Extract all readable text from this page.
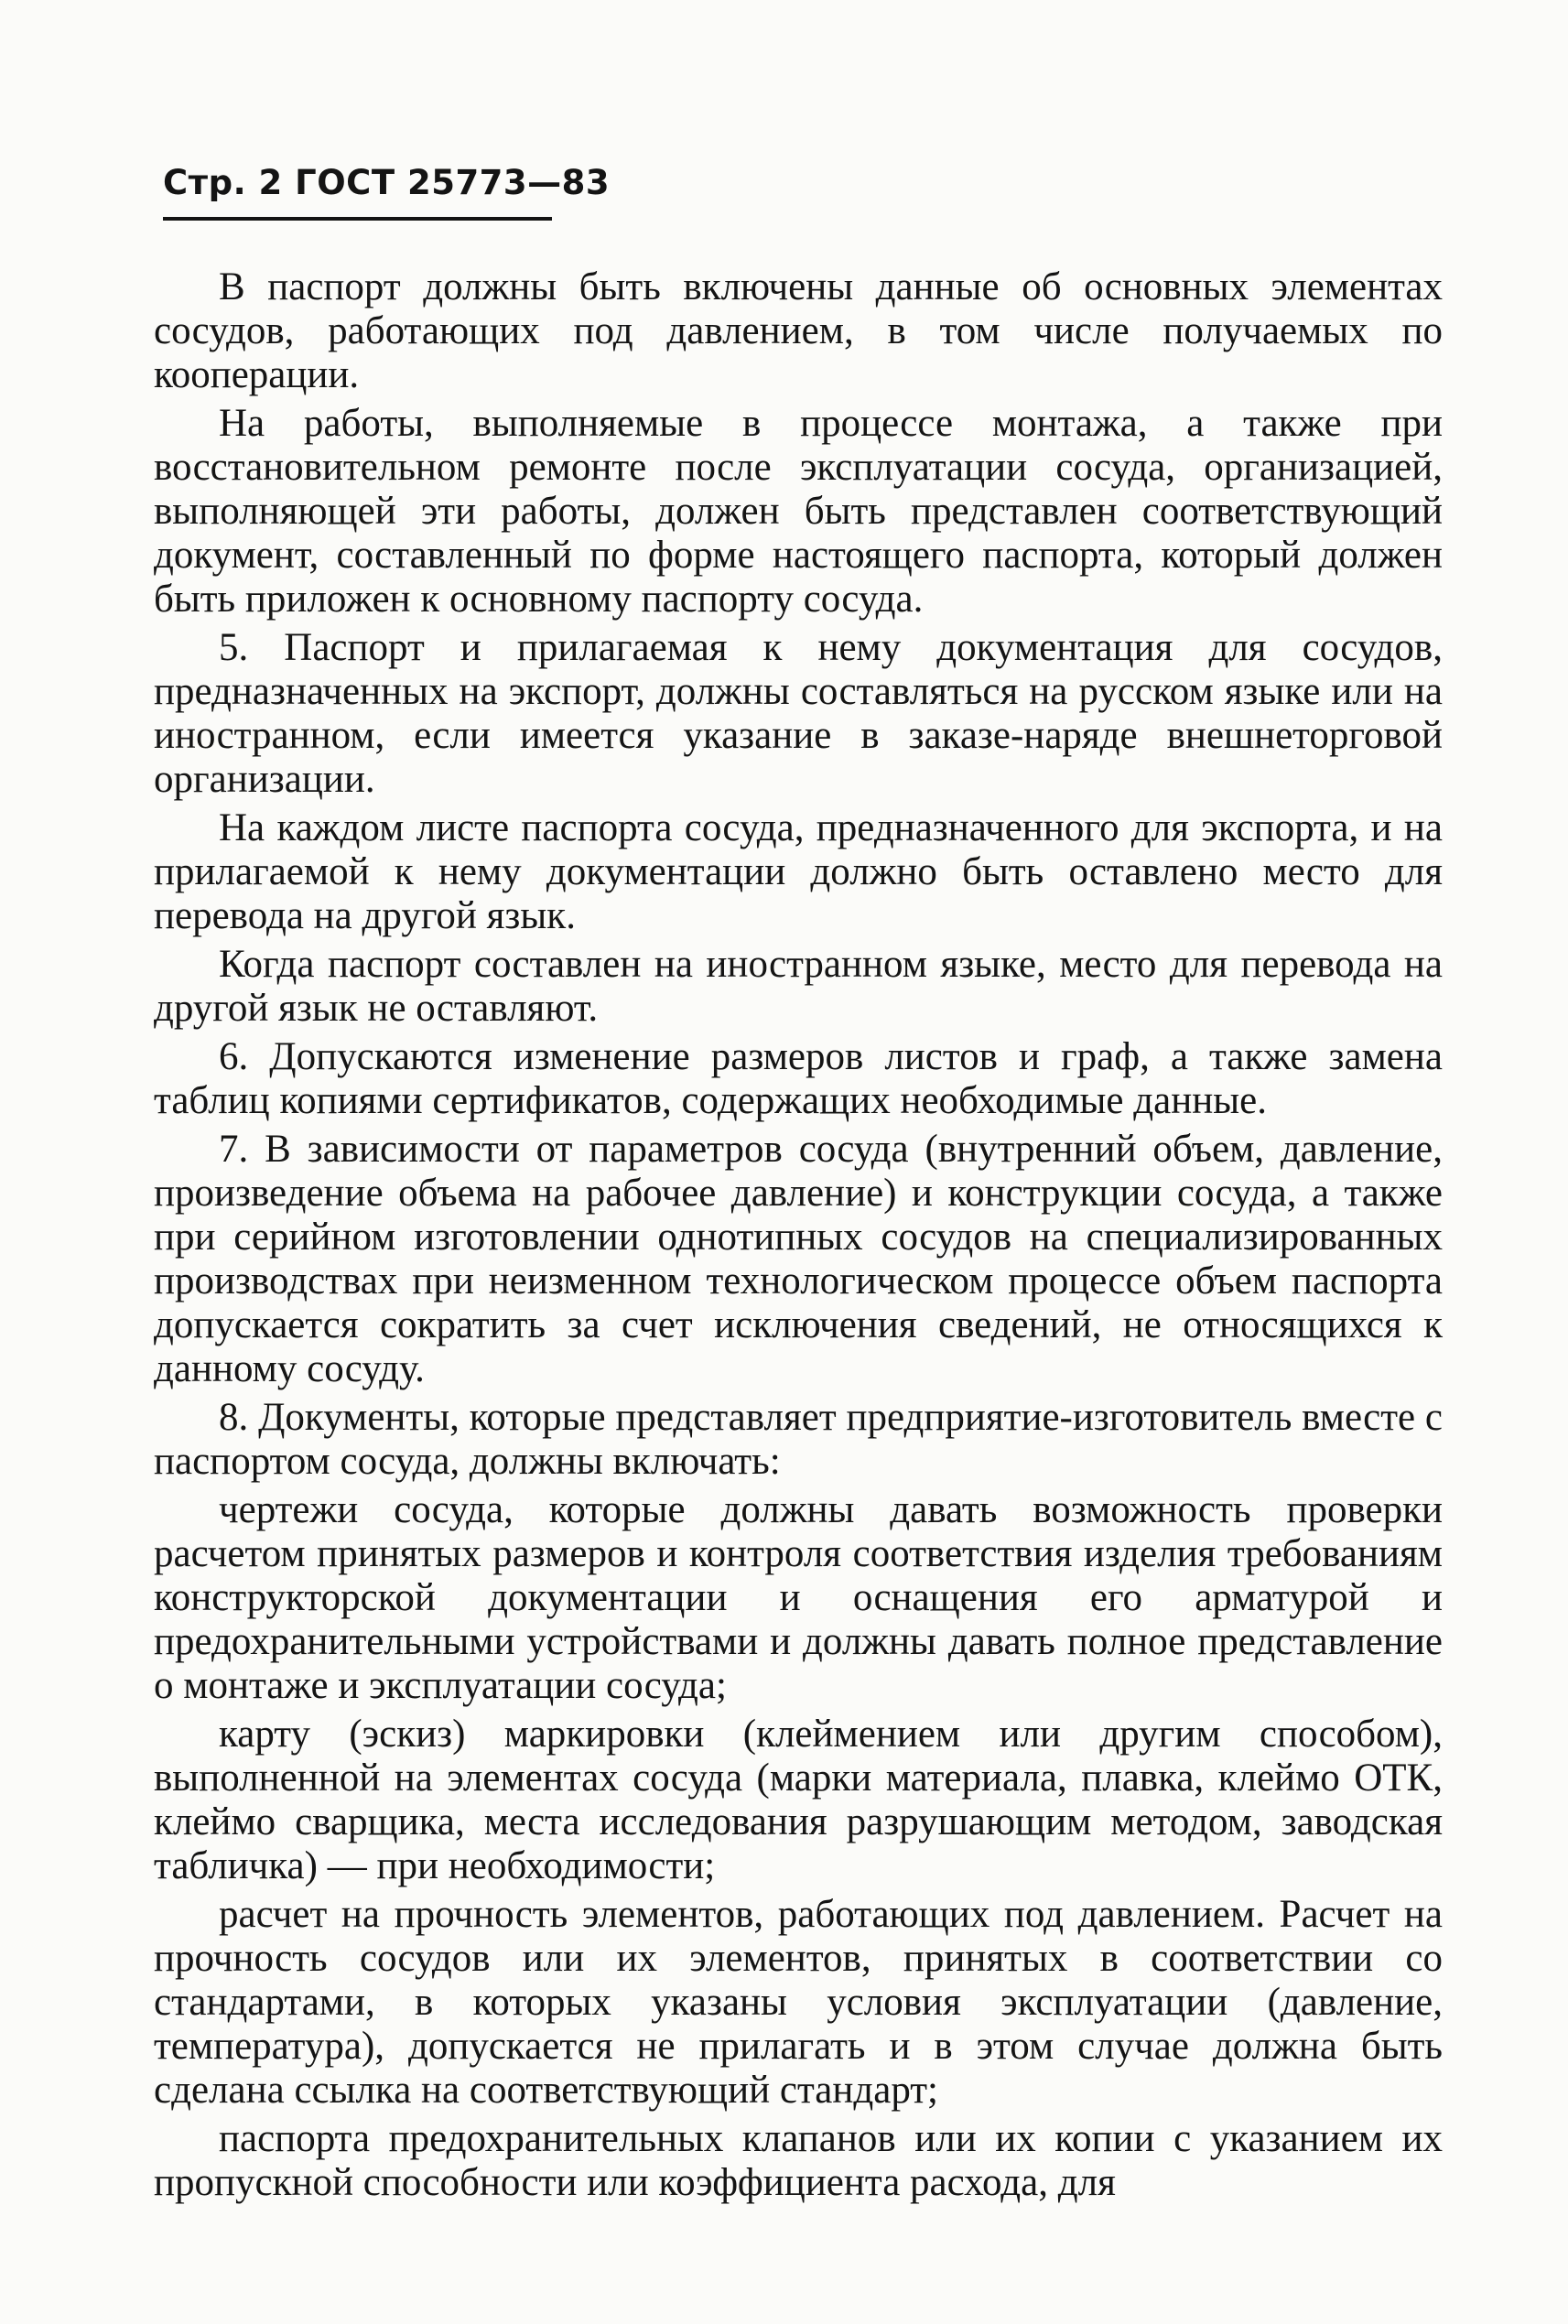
Стр. 2 ГОСТ 25773—83

В паспорт должны быть включены данные об основных элементах сосудов, работающих под давлением, в том числе получаемых по кооперации.

На работы, выполняемые в процессе монтажа, а также при восстановительном ремонте после эксплуатации сосуда, организацией, выполняющей эти работы, должен быть представлен соответствующий документ, составленный по форме настоящего паспорта, который должен быть приложен к основному паспорту сосуда.

5. Паспорт и прилагаемая к нему документация для сосудов, предназначенных на экспорт, должны составляться на русском языке или на иностранном, если имеется указание в заказе-наряде внешнеторговой организации.

На каждом листе паспорта сосуда, предназначенного для экспорта, и на прилагаемой к нему документации должно быть оставлено место для перевода на другой язык.

Когда паспорт составлен на иностранном языке, место для перевода на другой язык не оставляют.

6. Допускаются изменение размеров листов и граф, а также замена таблиц копиями сертификатов, содержащих необходимые данные.

7. В зависимости от параметров сосуда (внутренний объем, давление, произведение объема на рабочее давление) и конструкции сосуда, а также при серийном изготовлении однотипных сосудов на специализированных производствах при неизменном технологическом процессе объем паспорта допускается сократить за счет исключения сведений, не относящихся к данному сосуду.

8. Документы, которые представляет предприятие-изготовитель вместе с паспортом сосуда, должны включать:

чертежи сосуда, которые должны давать возможность проверки расчетом принятых размеров и контроля соответствия изделия требованиям конструкторской документации и оснащения его арматурой и предохранительными устройствами и должны давать полное представление о монтаже и эксплуатации сосуда;

карту (эскиз) маркировки (клеймением или другим способом), выполненной на элементах сосуда (марки материала, плавка, клеймо ОТК, клеймо сварщика, места исследования разрушающим методом, заводская табличка) — при необходимости;

расчет на прочность элементов, работающих под давлением. Расчет на прочность сосудов или их элементов, принятых в соответствии со стандартами, в которых указаны условия эксплуатации (давление, температура), допускается не прилагать и в этом случае должна быть сделана ссылка на соответствующий стандарт;

паспорта предохранительных клапанов или их копии с указанием их пропускной способности или коэффициента расхода, для
